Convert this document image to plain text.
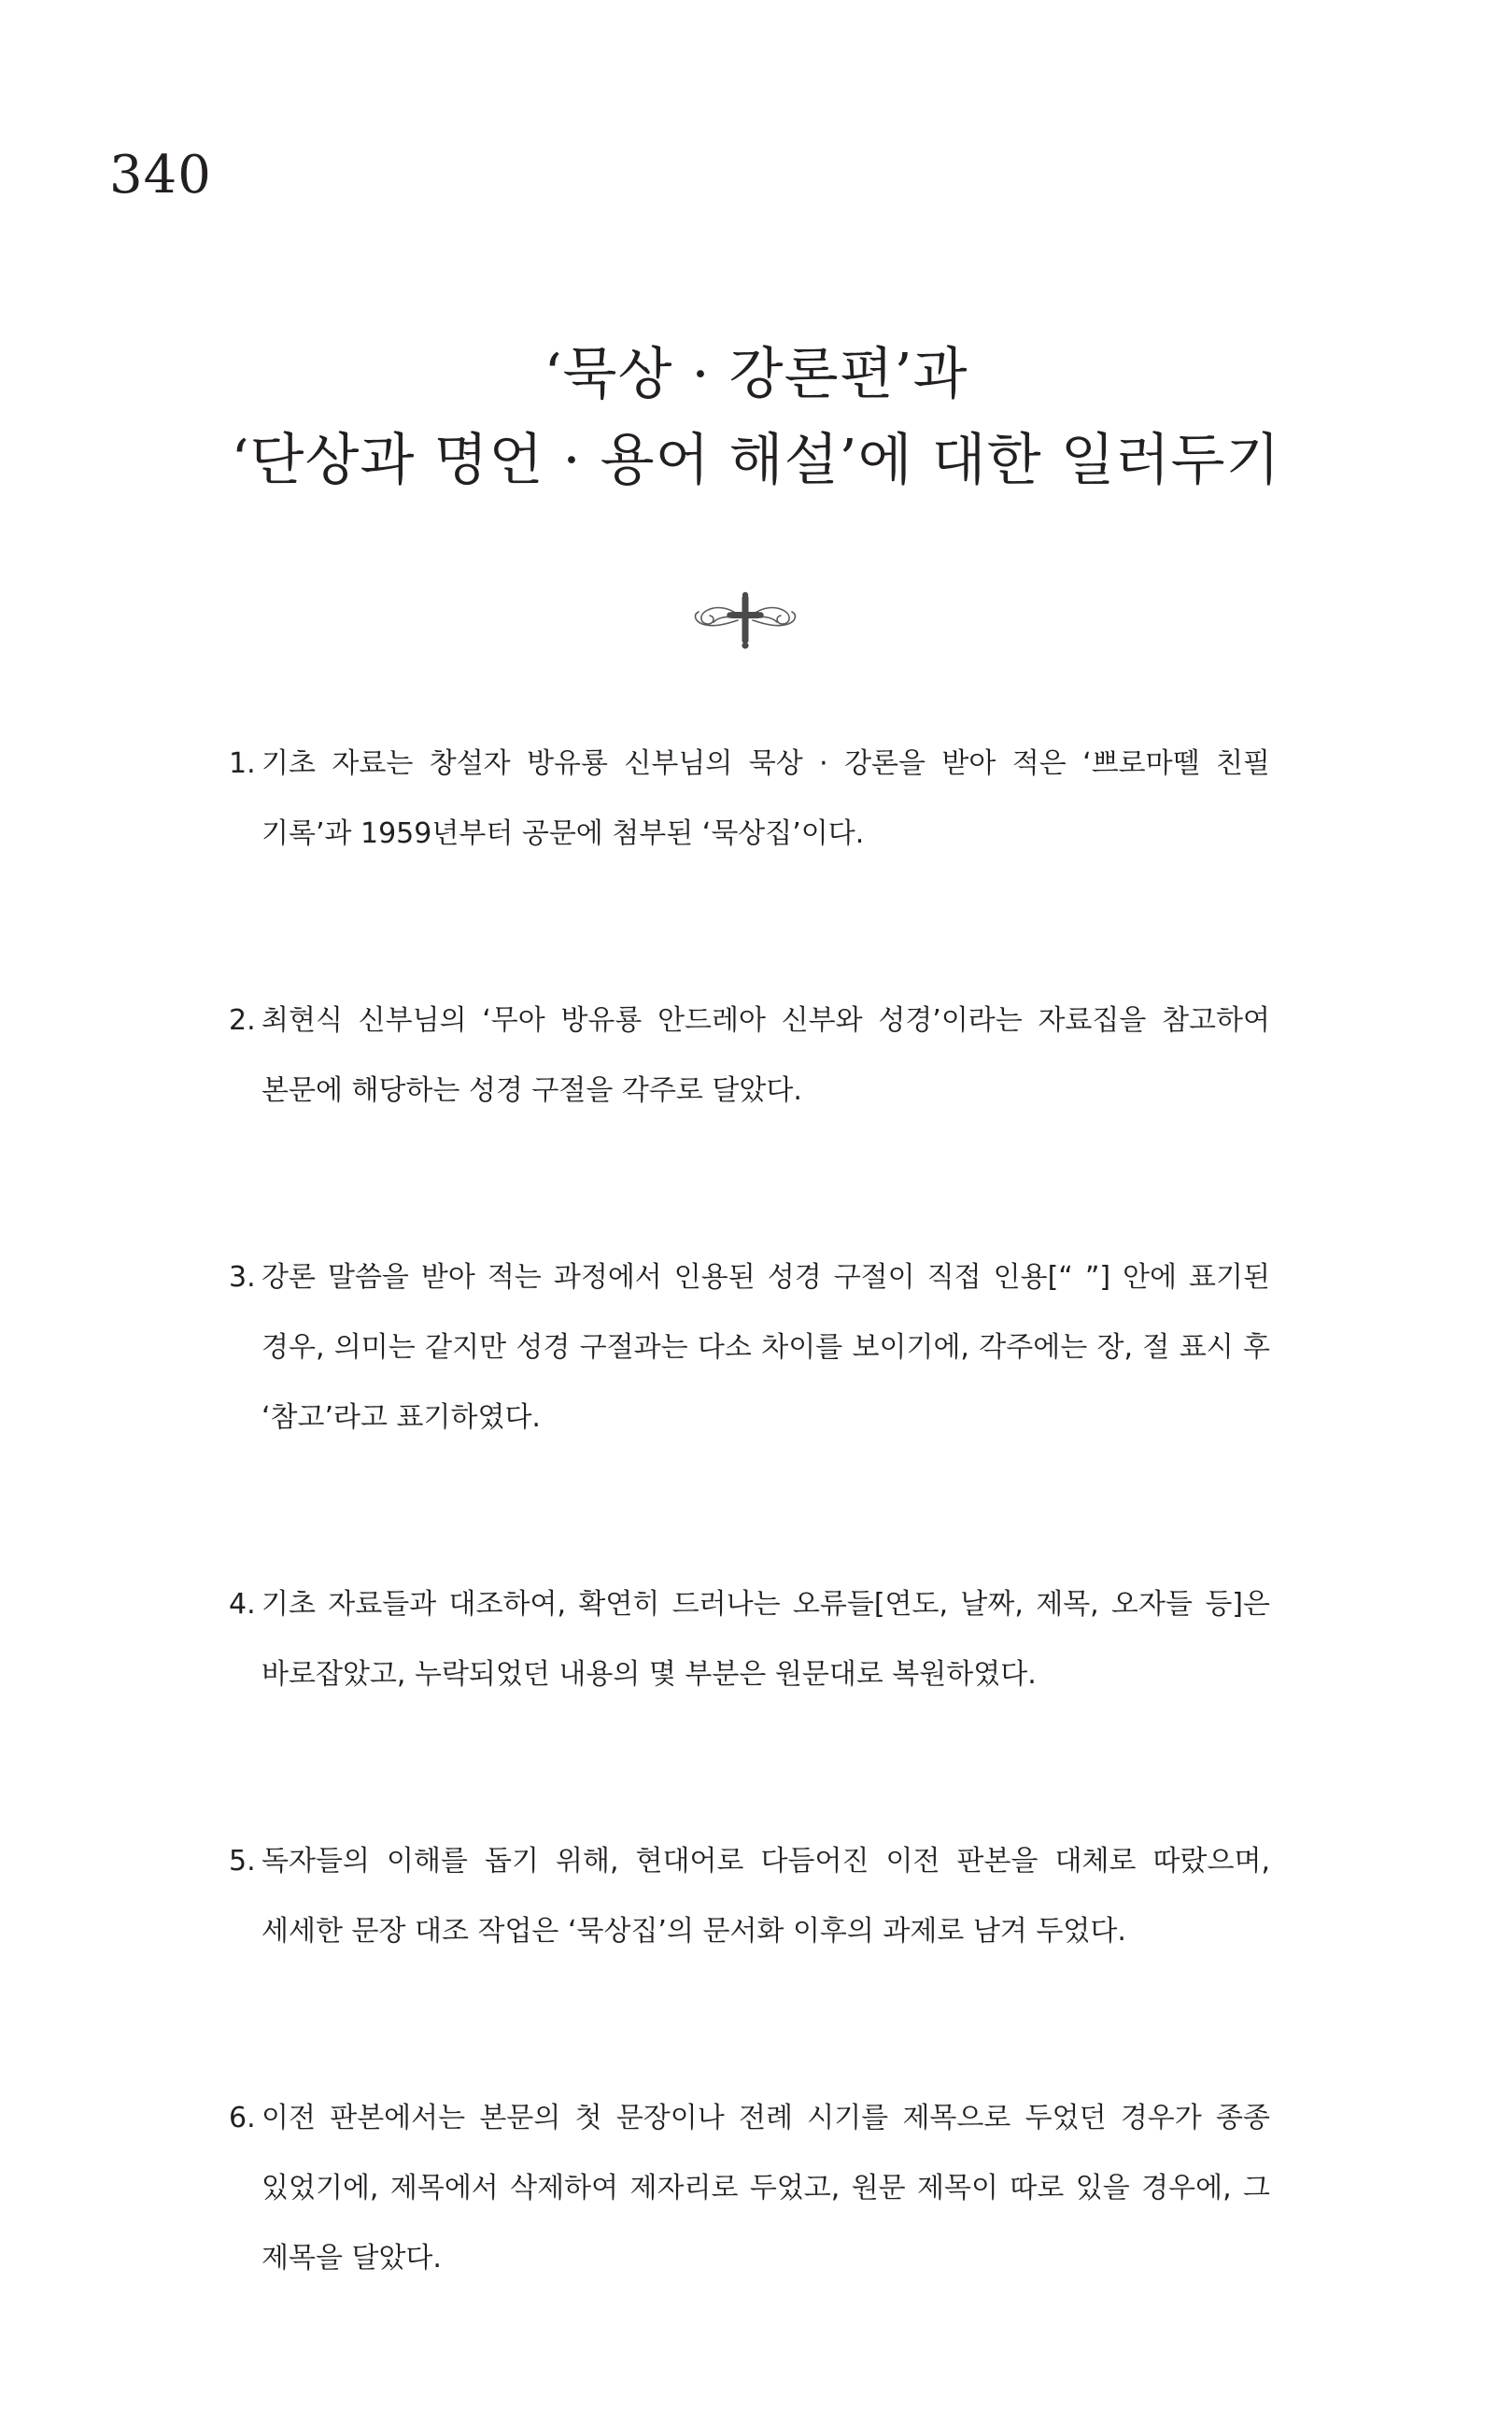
340
‘묵상 · 강론편’과
‘단상과 명언 · 용어 해설’에 대한 일러두기
1. 기초 자료는 창설자 방유룡 신부님의 묵상 · 강론을 받아 적은 ‘쁘로마뗄 친필 기록’과 1959년부터 공문에 첨부된 ‘묵상집’이다.
2. 최현식 신부님의 ‘무아 방유룡 안드레아 신부와 성경’이라는 자료집을 참고하여 본문에 해당하는 성경 구절을 각주로 달았다.
3. 강론 말씀을 받아 적는 과정에서 인용된 성경 구절이 직접 인용[“ ”] 안에 표기된 경우, 의미는 같지만 성경 구절과는 다소 차이를 보이기에, 각주에는 장, 절 표시 후 ‘참고’라고 표기하였다.
4. 기초 자료들과 대조하여, 확연히 드러나는 오류들[연도, 날짜, 제목, 오자들 등]은 바로잡았고, 누락되었던 내용의 몇 부분은 원문대로 복원하였다.
5. 독자들의 이해를 돕기 위해, 현대어로 다듬어진 이전 판본을 대체로 따랐으며, 세세한 문장 대조 작업은 ‘묵상집’의 문서화 이후의 과제로 남겨 두었다.
6. 이전 판본에서는 본문의 첫 문장이나 전례 시기를 제목으로 두었던 경우가 종종 있었기에, 제목에서 삭제하여 제자리로 두었고, 원문 제목이 따로 있을 경우에, 그 제목을 달았다.
